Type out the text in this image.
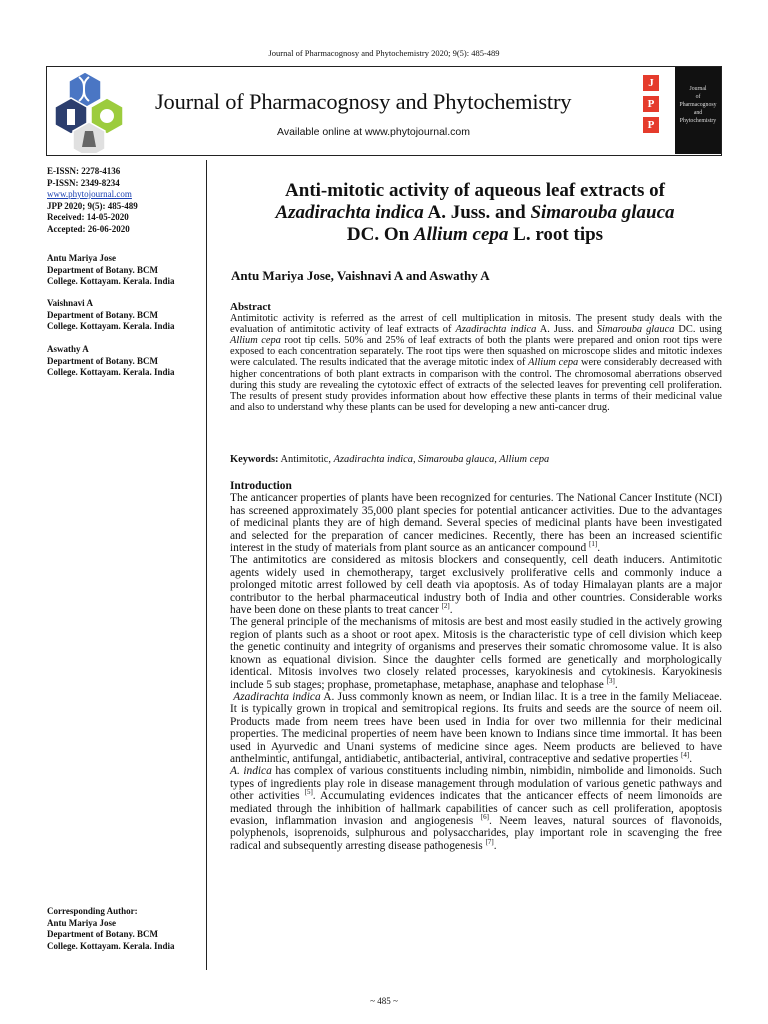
Journal of Pharmacognosy and Phytochemistry 2020; 9(5): 485-489
Journal of Pharmacognosy and Phytochemistry
Available online at www.phytojournal.com
J
P
P
Journal
of
Pharmacognosy
and
Phytochemistry
E-ISSN: 2278-4136
P-ISSN: 2349-8234
www.phytojournal.com
JPP 2020; 9(5): 485-489
Received: 14-05-2020
Accepted: 26-06-2020
Antu Mariya Jose
Department of Botany. BCM
College. Kottayam. Kerala. India
Vaishnavi A
Department of Botany. BCM
College. Kottayam. Kerala. India
Aswathy A
Department of Botany. BCM
College. Kottayam. Kerala. India
Corresponding Author:
Antu Mariya Jose
Department of Botany. BCM
College. Kottayam. Kerala. India
Anti-mitotic activity of aqueous leaf extracts of
Azadirachta indica A. Juss. and Simarouba glauca
DC. On Allium cepa L. root tips
Antu Mariya Jose, Vaishnavi A and Aswathy A

Abstract

Antimitotic activity is referred as the arrest of cell multiplication in mitosis. The present study deals with the evaluation of antimitotic activity of leaf extracts of Azadirachta indica A. Juss. and Simarouba glauca DC. using Allium cepa root tip cells. 50% and 25% of leaf extracts of both the plants were prepared and onion root tips were exposed to each concentration separately. The root tips were then squashed on microscope slides and mitotic indexes were calculated. The results indicated that the average mitotic index of Allium cepa were considerably decreased with higher concentrations of both plant extracts in comparison with the control. The chromosomal aberrations observed during this study are revealing the cytotoxic effect of extracts of the selected leaves for preventing cell proliferation. The results of present study provides information about how effective these plants in terms of their medicinal value and also to understand why these plants can be used for developing a new anti-cancer drug.

Keywords: Antimitotic, Azadirachta indica, Simarouba glauca, Allium cepa

Introduction

The anticancer properties of plants have been recognized for centuries. The National Cancer Institute (NCI) has screened approximately 35,000 plant species for potential anticancer activities. Due to the advantages of medicinal plants they are of high demand. Several species of medicinal plants have been investigated and selected for the preparation of cancer medicines. Recently, there has been an increased scientific interest in the study of materials from plant source as an anticancer compound [1].

The antimitotics are considered as mitosis blockers and consequently, cell death inducers. Antimitotic agents widely used in chemotherapy, target exclusively proliferative cells and commonly induce a prolonged mitotic arrest followed by cell death via apoptosis. As of today Himalayan plants are a major contributor to the herbal pharmaceutical industry both of India and other countries. Considerable works have been done on these plants to treat cancer [2].

The general principle of the mechanisms of mitosis are best and most easily studied in the actively growing region of plants such as a shoot or root apex. Mitosis is the characteristic type of cell division which keep the genetic continuity and integrity of organisms and preserves their somatic chromosome value. It is also known as equational division. Since the daughter cells formed are genetically and morphologically identical. Mitosis involves two closely related processes, karyokinesis and cytokinesis. Karyokinesis include 5 sub stages; prophase, prometaphase, metaphase, anaphase and telophase [3].

Azadirachta indica A. Juss commonly known as neem, or Indian lilac. It is a tree in the family Meliaceae. It is typically grown in tropical and semitropical regions. Its fruits and seeds are the source of neem oil. Products made from neem trees have been used in India for over two millennia for their medicinal properties. The medicinal properties of neem have been known to Indians since time immortal. It has been used in Ayurvedic and Unani systems of medicine since ages. Neem products are believed to have anthelmintic, antifungal, antidiabetic, antibacterial, antiviral, contraceptive and sedative properties [4].

A. indica has complex of various constituents including nimbin, nimbidin, nimbolide and limonoids. Such types of ingredients play role in disease management through modulation of various genetic pathways and other activities [5]. Accumulating evidences indicates that the anticancer effects of neem limonoids are mediated through the inhibition of hallmark capabilities of cancer such as cell proliferation, apoptosis evasion, inflammation invasion and angiogenesis [6]. Neem leaves, natural sources of flavonoids, polyphenols, isoprenoids, sulphurous and polysaccharides, play important role in scavenging the free radical and subsequently arresting disease pathogenesis [7].

~ 485 ~
